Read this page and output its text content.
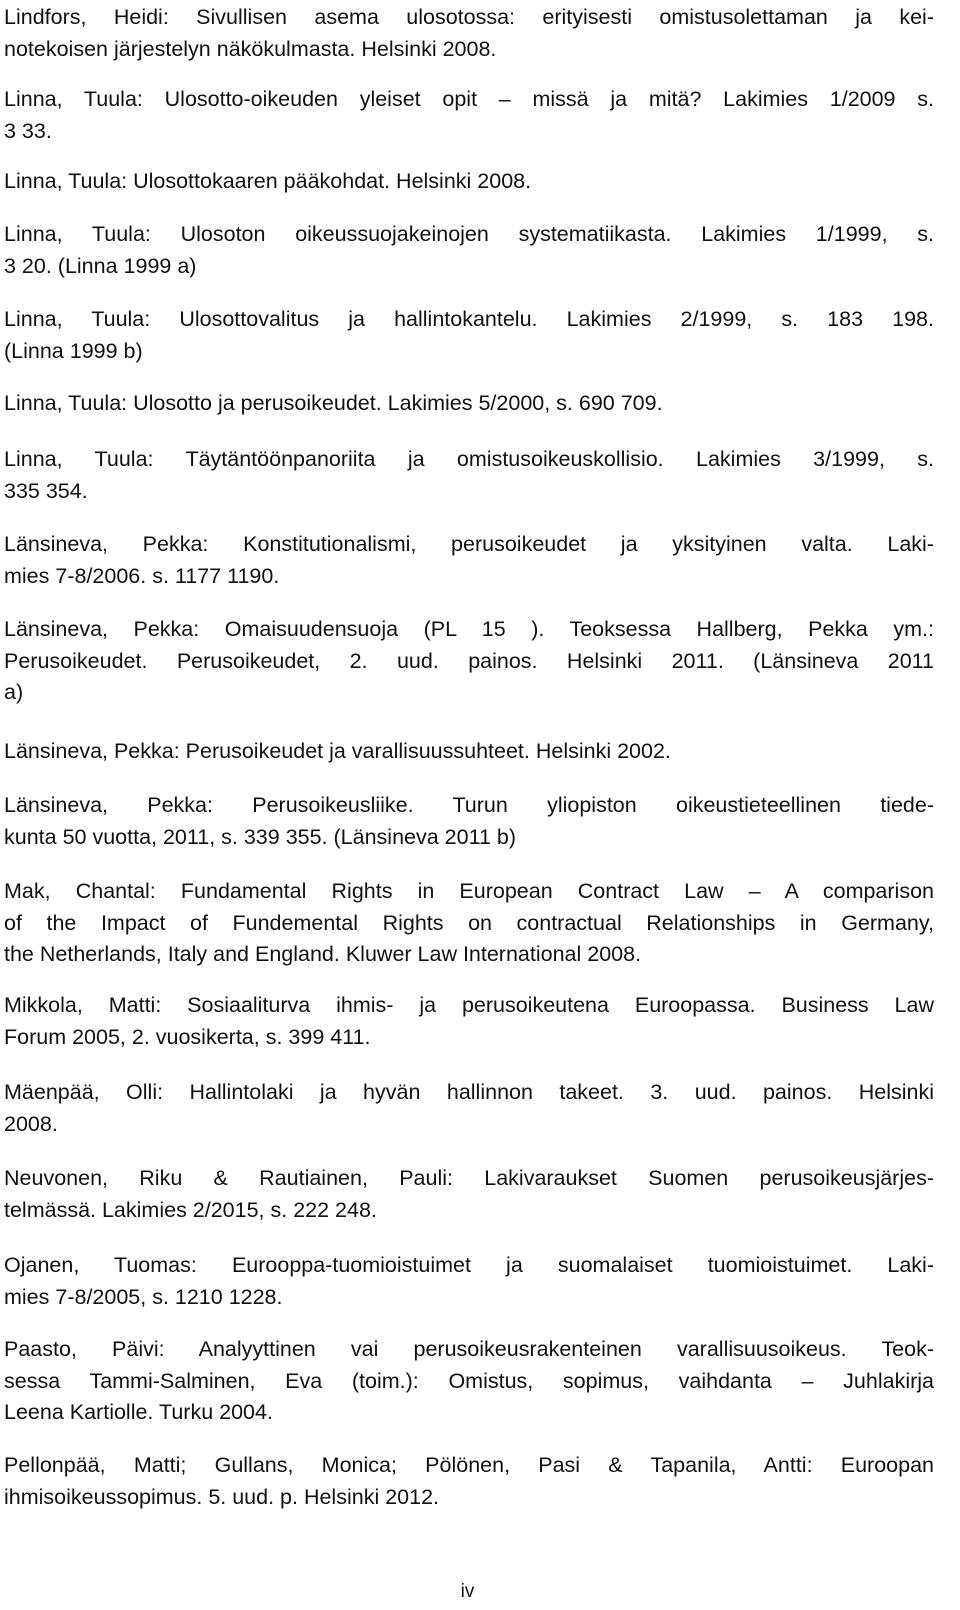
Lindfors, Heidi: Sivullisen asema ulosotossa: erityisesti omistusolettaman ja kei-
notekoisen järjestelyn näkökulmasta. Helsinki 2008.

Linna, Tuula: Ulosotto-oikeuden yleiset opit – missä ja mitä? Lakimies 1/2009 s.
3 33.

Linna, Tuula: Ulosottokaaren pääkohdat. Helsinki 2008.

Linna, Tuula: Ulosoton oikeussuojakeinojen systematiikasta. Lakimies 1/1999, s.
3 20. (Linna 1999 a)

Linna, Tuula: Ulosottovalitus ja hallintokantelu. Lakimies 2/1999, s. 183 198.
(Linna 1999 b)

Linna, Tuula: Ulosotto ja perusoikeudet. Lakimies 5/2000, s. 690 709.

Linna, Tuula: Täytäntöönpanoriita ja omistusoikeuskollisio. Lakimies 3/1999, s.
335 354.

Länsineva, Pekka: Konstitutionalismi, perusoikeudet ja yksityinen valta. Laki-
mies 7-8/2006. s. 1177 1190.

Länsineva, Pekka: Omaisuudensuoja (PL 15 ). Teoksessa Hallberg, Pekka ym.:
Perusoikeudet. Perusoikeudet, 2. uud. painos. Helsinki 2011. (Länsineva 2011
a)

Länsineva, Pekka: Perusoikeudet ja varallisuussuhteet. Helsinki 2002.

Länsineva, Pekka: Perusoikeusliike. Turun yliopiston oikeustieteellinen tiede-
kunta 50 vuotta, 2011, s. 339 355. (Länsineva 2011 b)

Mak, Chantal: Fundamental Rights in European Contract Law – A comparison
of the Impact of Fundemental Rights on contractual Relationships in Germany,
the Netherlands, Italy and England. Kluwer Law International 2008.

Mikkola, Matti: Sosiaaliturva ihmis- ja perusoikeutena Euroopassa. Business Law
Forum 2005, 2. vuosikerta, s. 399 411.

Mäenpää, Olli: Hallintolaki ja hyvän hallinnon takeet. 3. uud. painos. Helsinki
2008.

Neuvonen, Riku & Rautiainen, Pauli: Lakivaraukset Suomen perusoikeusjärjes-
telmässä. Lakimies 2/2015, s. 222 248.

Ojanen, Tuomas: Eurooppa-tuomioistuimet ja suomalaiset tuomioistuimet. Laki-
mies 7-8/2005, s. 1210 1228.

Paasto, Päivi: Analyyttinen vai perusoikeusrakenteinen varallisuusoikeus. Teok-
sessa Tammi-Salminen, Eva (toim.): Omistus, sopimus, vaihdanta – Juhlakirja
Leena Kartiolle. Turku 2004.

Pellonpää, Matti; Gullans, Monica; Pölönen, Pasi & Tapanila, Antti: Euroopan
ihmisoikeussopimus. 5. uud. p. Helsinki 2012.

iv
